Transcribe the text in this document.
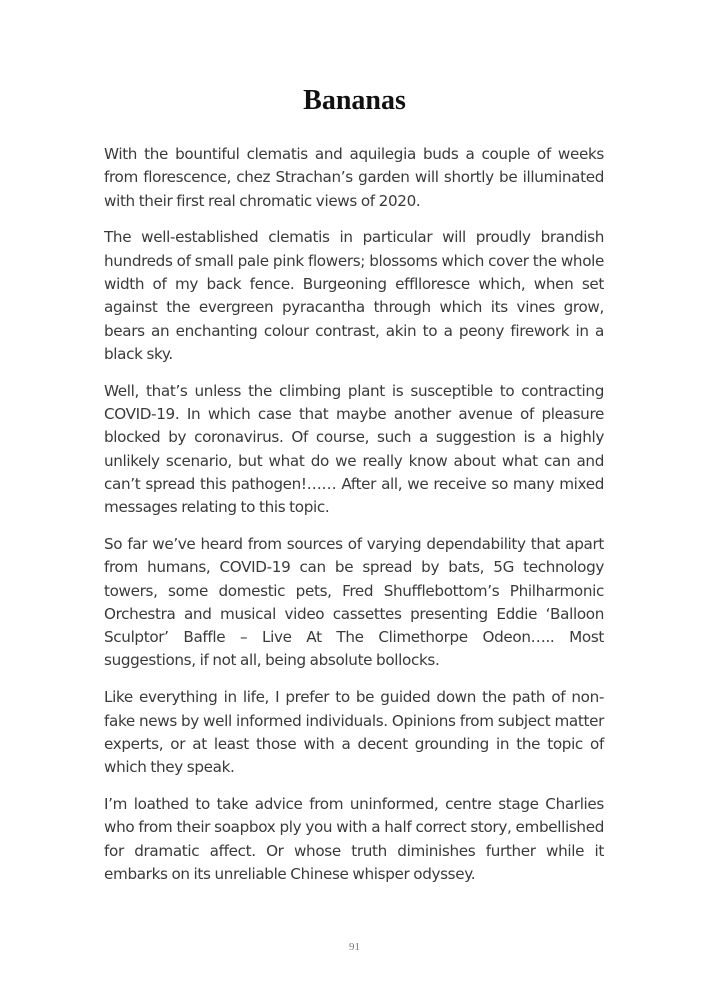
Bananas

With the bountiful clematis and aquilegia buds a couple of weeks from florescence, chez Strachan’s garden will shortly be illuminated with their first real chromatic views of 2020.

The well-established clematis in particular will proudly brandish hundreds of small pale pink flowers; blossoms which cover the whole width of my back fence. Burgeoning efflloresce which, when set against the evergreen pyracantha through which its vines grow, bears an enchanting colour contrast, akin to a peony firework in a black sky.

Well, that’s unless the climbing plant is susceptible to contracting COVID-19. In which case that maybe another avenue of pleasure blocked by coronavirus. Of course, such a suggestion is a highly unlikely scenario, but what do we really know about what can and can’t spread this pathogen!…… After all, we receive so many mixed messages relating to this topic.

So far we’ve heard from sources of varying dependability that apart from humans, COVID-19 can be spread by bats, 5G technology towers, some domestic pets, Fred Shufflebottom’s Philharmonic Orchestra and musical video cassettes presenting Eddie ‘Balloon Sculptor’ Baffle – Live At The Climethorpe Odeon….. Most suggestions, if not all, being absolute bollocks.

Like everything in life, I prefer to be guided down the path of non-fake news by well informed individuals. Opinions from subject matter experts, or at least those with a decent grounding in the topic of which they speak.

I’m loathed to take advice from uninformed, centre stage Charlies who from their soapbox ply you with a half correct story, embellished for dramatic affect. Or whose truth diminishes further while it embarks on its unreliable Chinese whisper odyssey.

91
